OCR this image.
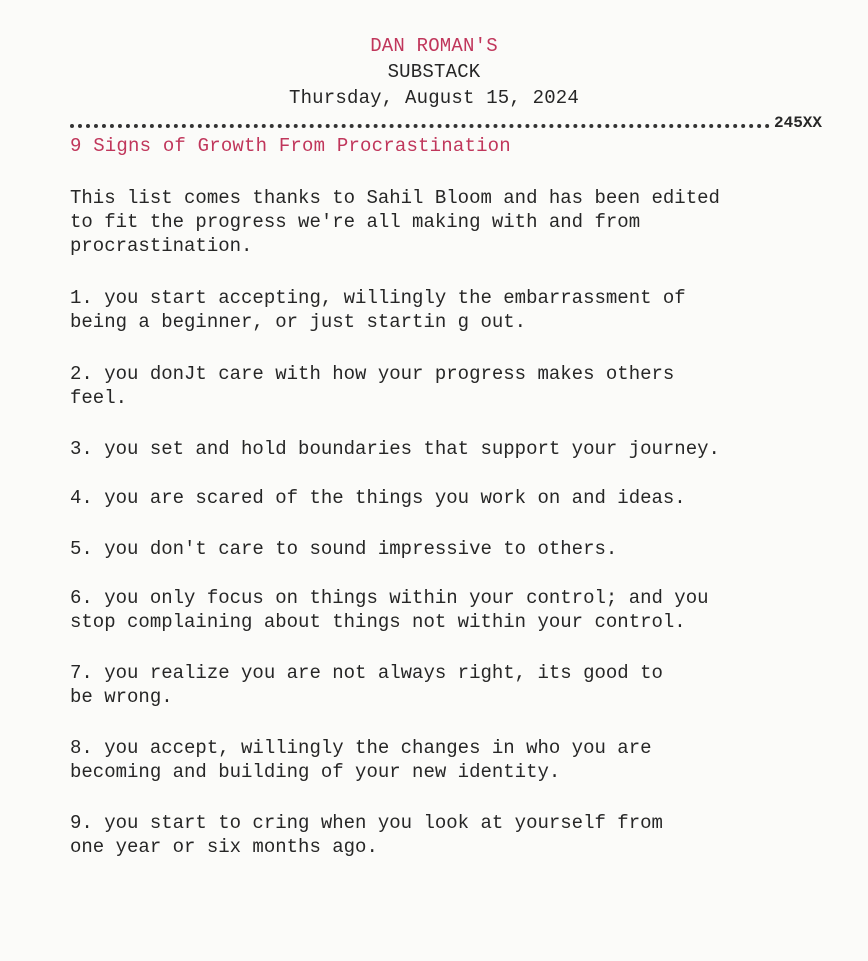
DAN ROMAN'S
SUBSTACK
Thursday, August 15, 2024
245XX
9 Signs of Growth From Procrastination
This list comes thanks to Sahil Bloom and has been edited
to fit the progress we're all making with and from
procrastination.
1. you start accepting, willingly the embarrassment of
being a beginner, or just startin g out.
2. you donJt care with how your progress makes others
feel.
3. you set and hold boundaries that support your journey.
4. you are scared of the things you work on and ideas.
5. you don't care to sound impressive to others.
6. you only focus on things within your control; and you
stop complaining about things not within your control.
7. you realize you are not always right, its good to
be wrong.
8. you accept, willingly the changes in who you are
becoming and building of your new identity.
9. you start to cring when you look at yourself from
one year or six months ago.
